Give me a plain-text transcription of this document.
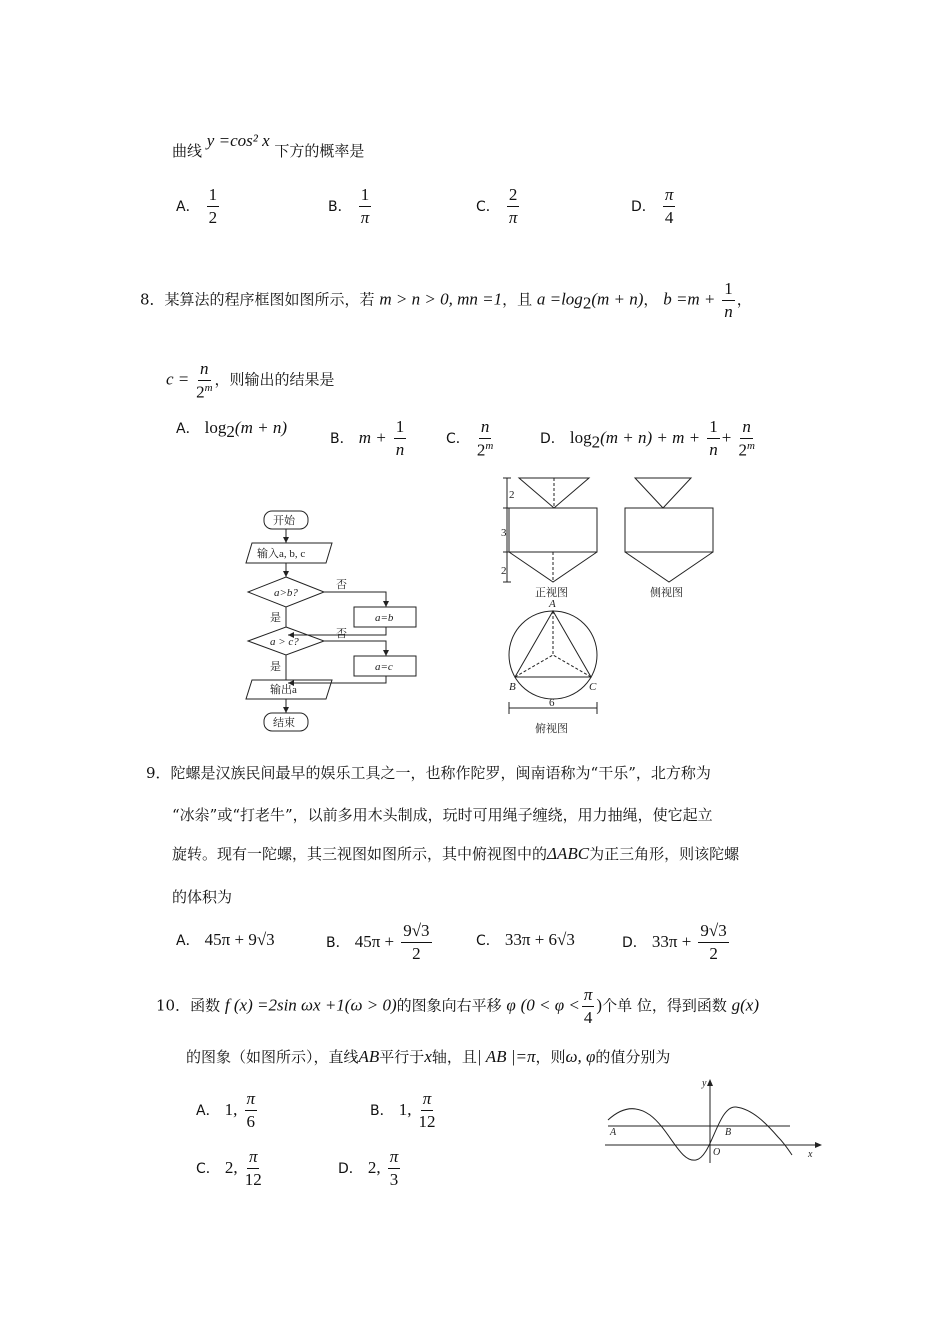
曲线 y =cos² x 下方的概率是
A． $\frac{1}{2}$	B． $\frac{1}{\pi}$	C． $\frac{2}{\pi}$	D． $\frac{\pi}{4}$
8．某算法的程序框图如图所示，若 m > n > 0, mn =1，且 $a =\log_2(m + n)$， $b =m + \frac{1}{n}$ ，
$c = \frac{n}{2^m}$ ，则输出的结果是
A． $\log_2(m + n)$
B． $m + \frac{1}{n}$	C． $\frac{n}{2^m}$	D． $\log_2(m + n) + m + \frac{1}{n} + \frac{n}{2^m}$
开始
输入a, b, c
a>b?
否
a=b
是
a > c?
否
a=c
是
输出a
结束
2
3
2
正视图	侧视图
A
B	C
6
俯视图
9．陀螺是汉族民间最早的娱乐工具之一，也称作陀罗，闽南语称为“干乐”，北方称为
“冰尜”或“打老牛”，以前多用木头制成，玩时可用绳子缠绕，用力抽绳，使它起立
旋转。现有一陀螺，其三视图如图所示，其中俯视图中的ΔABC为正三角形，则该陀螺
的体积为
A． 45π + 9√3	B． $45\pi + \frac{9√3}{2}$	C． 33π + 6√3	D． $33\pi + \frac{9√3}{2}$
10．函数 f (x) =2sin ωx +1(ω > 0)的图象向右平移 φ ($0 < \varphi < \frac{\pi}{4}$ )个单 位，得到函数 g(x)
的图象（如图所示），直线AB平行于x轴，且| AB |=π，则ω, φ的值分别为
A． 1, $\frac{\pi}{6}$	B． 1, $\frac{\pi}{12}$
C． 2, $\frac{\pi}{12}$	D． 2, $\frac{\pi}{3}$
y
x
O
A	B
